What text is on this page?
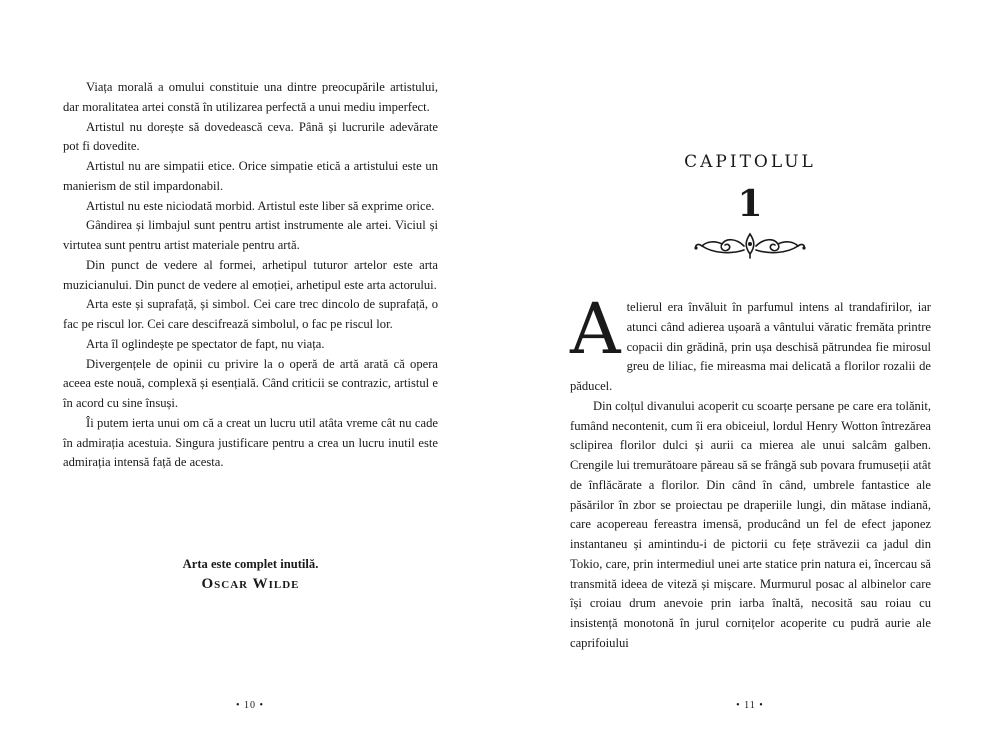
Viața morală a omului constituie una dintre preocupările artistului, dar moralitatea artei constă în utilizarea perfectă a unui mediu imperfect.

Artistul nu dorește să dovedească ceva. Până și lucrurile adevărate pot fi dovedite.

Artistul nu are simpatii etice. Orice simpatie etică a artistului este un manierism de stil impardonabil.

Artistul nu este niciodată morbid. Artistul este liber să exprime orice.

Gândirea și limbajul sunt pentru artist instrumente ale artei. Viciul și virtutea sunt pentru artist materiale pentru artă.

Din punct de vedere al formei, arhetipul tuturor artelor este arta muzicianului. Din punct de vedere al emoției, arhetipul este arta actorului.

Arta este și suprafață, și simbol. Cei care trec dincolo de suprafață, o fac pe riscul lor. Cei care descifrează simbolul, o fac pe riscul lor.

Arta îl oglindește pe spectator de fapt, nu viața.

Divergențele de opinii cu privire la o operă de artă arată că opera aceea este nouă, complexă și esențială. Când criticii se contrazic, artistul e în acord cu sine însuși.

Îi putem ierta unui om că a creat un lucru util atâta vreme cât nu cade în admirația acestuia. Singura justificare pentru a crea un lucru inutil este admirația intensă față de acesta.

Arta este complet inutilă.
Oscar Wilde
• 10 •
CAPITOLUL
1

Atelierul era învăluit în parfumul intens al trandafirilor, iar atunci când adierea ușoară a vântului văratic fremăta printre copacii din grădină, prin ușa deschisă pătrundea fie mirosul greu de liliac, fie mireasma mai delicată a florilor rozalii de păducel.

Din colțul divanului acoperit cu scoarțe persane pe care era tolănit, fumând necontenit, cum îi era obiceiul, lordul Henry Wotton întrezărea sclipirea florilor dulci și aurii ca mierea ale unui salcâm galben. Crengile lui tremurătoare păreau să se frângă sub povara frumuseții atât de înflăcărate a florilor. Din când în când, umbrele fantastice ale păsărilor în zbor se proiectau pe draperiile lungi, din mătase indiană, care acopereau fereastra imensă, producând un fel de efect japonez instantaneu și amintindu-i de pictorii cu fețe străvezii ca jadul din Tokio, care, prin intermediul unei arte statice prin natura ei, încercau să transmită ideea de viteză și mișcare. Murmurul posac al albinelor care își croiau drum anevoie prin iarba înaltă, necosită sau roiau cu insistență monotonă în jurul cornițelor acoperite cu pudră aurie ale caprifoiului

• 11 •
